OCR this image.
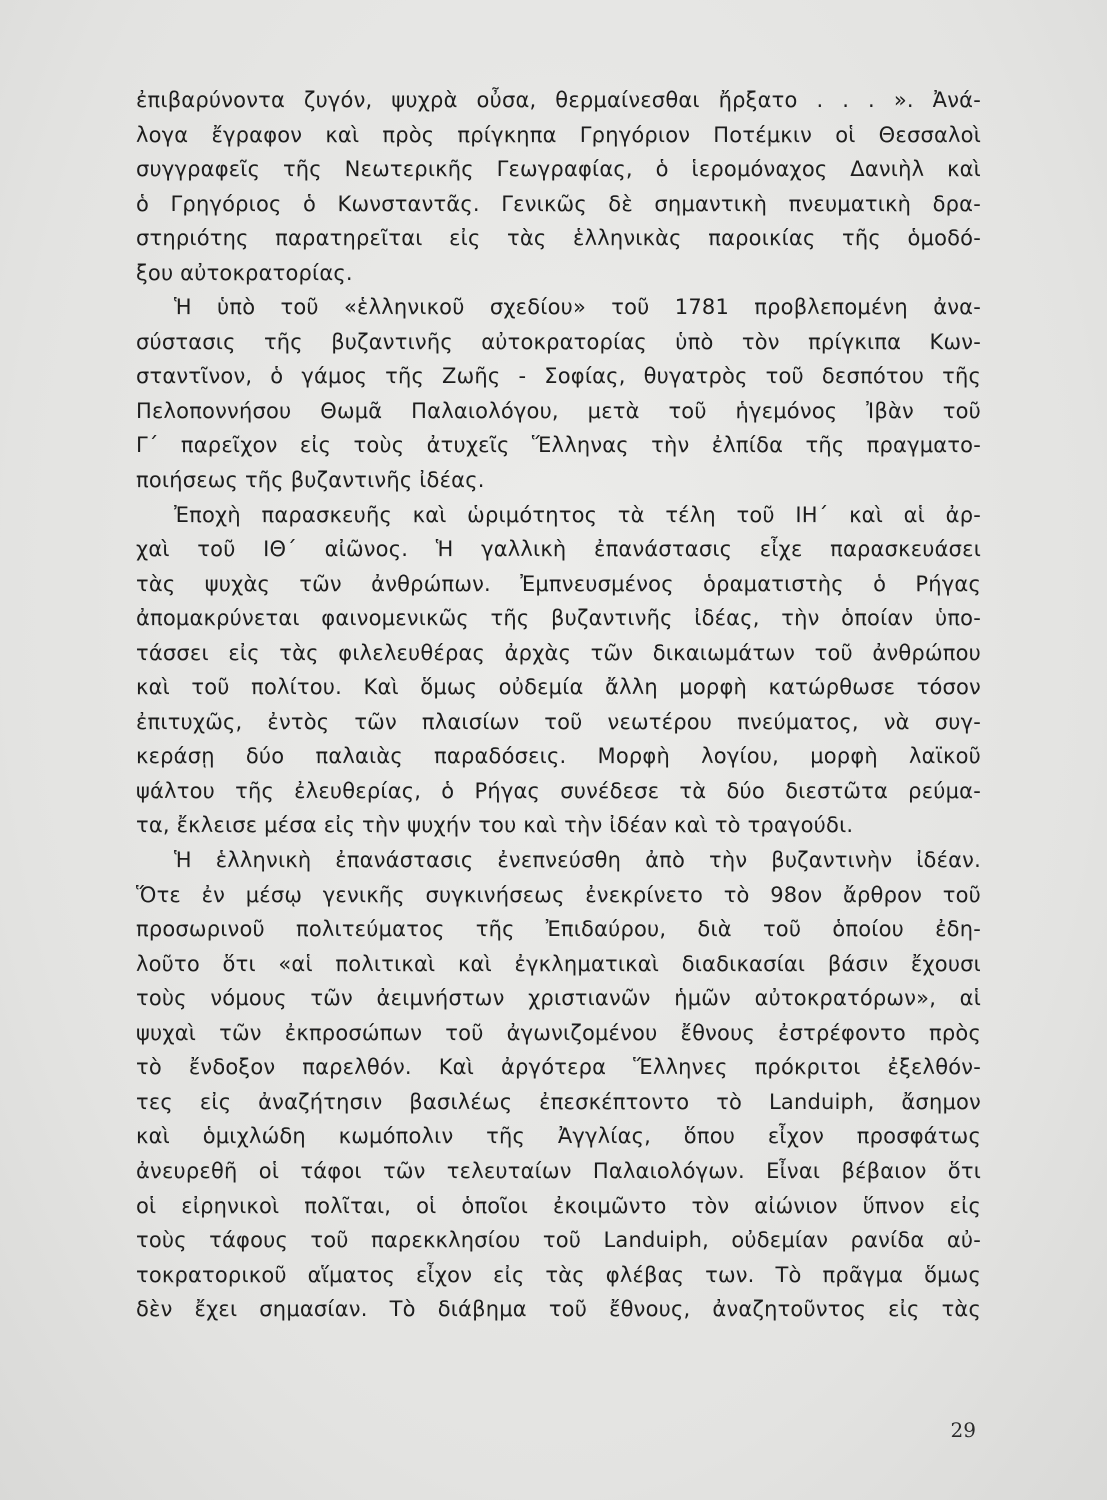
ἐπιβαρύνοντα ζυγόν, ψυχρὰ οὖσα, θερμαίνεσθαι ἤρξατο . . . ». Ἀνά-
λογα ἔγραφον καὶ πρὸς πρίγκηπα Γρηγόριον Ποτέμκιν οἱ Θεσσαλοὶ
συγγραφεῖς τῆς Νεωτερικῆς Γεωγραφίας, ὁ ἱερομόναχος Δανιὴλ καὶ
ὁ Γρηγόριος ὁ Κωνσταντᾶς. Γενικῶς δὲ σημαντικὴ πνευματικὴ δρα-
στηριότης παρατηρεῖται εἰς τὰς ἑλληνικὰς παροικίας τῆς ὁμοδό-
ξου αὐτοκρατορίας.
Ἡ ὑπὸ τοῦ «ἑλληνικοῦ σχεδίου» τοῦ 1781 προβλεπομένη ἀνα-
σύστασις τῆς βυζαντινῆς αὐτοκρατορίας ὑπὸ τὸν πρίγκιπα Κων-
σταντῖνον, ὁ γάμος τῆς Ζωῆς - Σοφίας, θυγατρὸς τοῦ δεσπότου τῆς
Πελοποννήσου Θωμᾶ Παλαιολόγου, μετὰ τοῦ ἡγεμόνος Ἰβὰν τοῦ
Γ΄ παρεῖχον εἰς τοὺς ἀτυχεῖς Ἕλληνας τὴν ἐλπίδα τῆς πραγματο-
ποιήσεως τῆς βυζαντινῆς ἰδέας.
Ἐποχὴ παρασκευῆς καὶ ὡριμότητος τὰ τέλη τοῦ ΙΗ΄ καὶ αἱ ἀρ-
χαὶ τοῦ ΙΘ΄ αἰῶνος. Ἡ γαλλικὴ ἐπανάστασις εἶχε παρασκευάσει
τὰς ψυχὰς τῶν ἀνθρώπων. Ἐμπνευσμένος ὁραματιστὴς ὁ Ρήγας
ἀπομακρύνεται φαινομενικῶς τῆς βυζαντινῆς ἰδέας, τὴν ὁποίαν ὑπο-
τάσσει εἰς τὰς φιλελευθέρας ἀρχὰς τῶν δικαιωμάτων τοῦ ἀνθρώπου
καὶ τοῦ πολίτου. Καὶ ὅμως οὐδεμία ἄλλη μορφὴ κατώρθωσε τόσον
ἐπιτυχῶς, ἐντὸς τῶν πλαισίων τοῦ νεωτέρου πνεύματος, νὰ συγ-
κεράσῃ δύο παλαιὰς παραδόσεις. Μορφὴ λογίου, μορφὴ λαϊκοῦ
ψάλτου τῆς ἐλευθερίας, ὁ Ρήγας συνέδεσε τὰ δύο διεστῶτα ρεύμα-
τα, ἔκλεισε μέσα εἰς τὴν ψυχήν του καὶ τὴν ἰδέαν καὶ τὸ τραγούδι.
Ἡ ἑλληνικὴ ἐπανάστασις ἐνεπνεύσθη ἀπὸ τὴν βυζαντινὴν ἰδέαν.
Ὅτε ἐν μέσῳ γενικῆς συγκινήσεως ἐνεκρίνετο τὸ 98ον ἄρθρον τοῦ
προσωρινοῦ πολιτεύματος τῆς Ἐπιδαύρου, διὰ τοῦ ὁποίου ἐδη-
λοῦτο ὅτι «αἱ πολιτικαὶ καὶ ἐγκληματικαὶ διαδικασίαι βάσιν ἔχουσι
τοὺς νόμους τῶν ἀειμνήστων χριστιανῶν ἡμῶν αὐτοκρατόρων», αἱ
ψυχαὶ τῶν ἐκπροσώπων τοῦ ἀγωνιζομένου ἔθνους ἐστρέφοντο πρὸς
τὸ ἔνδοξον παρελθόν. Καὶ ἀργότερα Ἕλληνες πρόκριτοι ἐξελθόν-
τες εἰς ἀναζήτησιν βασιλέως ἐπεσκέπτοντο τὸ Landuiph, ἄσημον
καὶ ὁμιχλώδη κωμόπολιν τῆς Ἀγγλίας, ὅπου εἶχον προσφάτως
ἀνευρεθῆ οἱ τάφοι τῶν τελευταίων Παλαιολόγων. Εἶναι βέβαιον ὅτι
οἱ εἰρηνικοὶ πολῖται, οἱ ὁποῖοι ἐκοιμῶντο τὸν αἰώνιον ὕπνον εἰς
τοὺς τάφους τοῦ παρεκκλησίου τοῦ Landuiph, οὐδεμίαν ρανίδα αὐ-
τοκρατορικοῦ αἵματος εἶχον εἰς τὰς φλέβας των. Τὸ πρᾶγμα ὅμως
δὲν ἔχει σημασίαν. Τὸ διάβημα τοῦ ἔθνους, ἀναζητοῦντος εἰς τὰς
29
